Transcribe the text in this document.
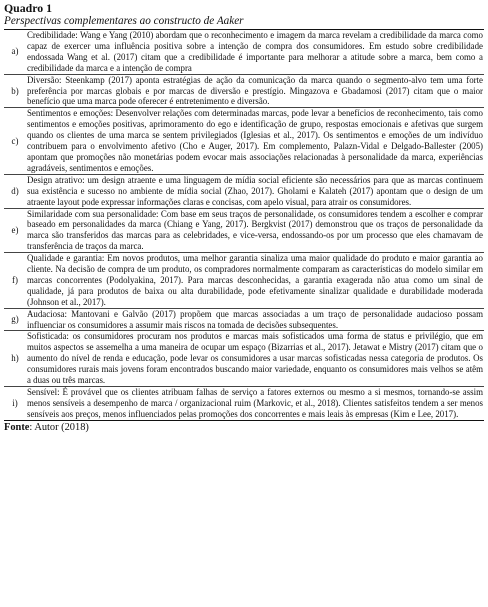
Quadro 1

Perspectivas complementares ao constructo de Aaker

a)	Credibilidade: Wang e Yang (2010) abordam que o reconhecimento e imagem da marca revelam a credibilidade da marca como capaz de exercer uma influência positiva sobre a intenção de compra dos consumidores. Em estudo sobre credibilidade endossada Wang et al. (2017) citam que a credibilidade é importante para melhorar a atitude sobre a marca, bem como a credibilidade da marca e a intenção de compra
b)	Diversão: Steenkamp (2017) aponta estratégias de ação da comunicação da marca quando o segmento-alvo tem uma forte preferência por marcas globais e por marcas de diversão e prestígio. Mingazova e Gbadamosi (2017) citam que o maior benefício que uma marca pode oferecer é entretenimento e diversão.
c)	Sentimentos e emoções: Desenvolver relações com determinadas marcas, pode levar a benefícios de reconhecimento, tais como sentimentos e emoções positivas, aprimoramento do ego e identificação de grupo, respostas emocionais e afetivas que surgem quando os clientes de uma marca se sentem privilegiados (Iglesias et al., 2017). Os sentimentos e emoções de um indivíduo contribuem para o envolvimento afetivo (Cho e Auger, 2017). Em complemento, Palazn-Vidal e Delgado-Ballester (2005) apontam que promoções não monetárias podem evocar mais associações relacionadas à personalidade da marca, experiências agradáveis, sentimentos e emoções.
d)	Design atrativo: um design atraente e uma linguagem de mídia social eficiente são necessários para que as marcas continuem sua existência e sucesso no ambiente de mídia social (Zhao, 2017). Gholami e Kalateh (2017) apontam que o design de um atraente layout pode expressar informações claras e concisas, com apelo visual, para atrair os consumidores.
e)	Similaridade com sua personalidade: Com base em seus traços de personalidade, os consumidores tendem a escolher e comprar baseado em personalidades da marca (Chiang e Yang, 2017). Bergkvist (2017) demonstrou que os traços de personalidade da marca são transferidos das marcas para as celebridades, e vice-versa, endossando-os por um processo que eles chamavam de transferência de traços da marca.
f)	Qualidade e garantia: Em novos produtos, uma melhor garantia sinaliza uma maior qualidade do produto e maior garantia ao cliente. Na decisão de compra de um produto, os compradores normalmente comparam as características do modelo similar em marcas concorrentes (Podolyakina, 2017). Para marcas desconhecidas, a garantia exagerada não atua como um sinal de qualidade, já para produtos de baixa ou alta durabilidade, pode efetivamente sinalizar qualidade e durabilidade moderada (Johnson et al., 2017).
g)	Audaciosa: Mantovani e Galvão (2017) propõem que marcas associadas a um traço de personalidade audacioso possam influenciar os consumidores a assumir mais riscos na tomada de decisões subsequentes.
h)	Sofisticada: os consumidores procuram nos produtos e marcas mais sofisticados uma forma de status e privilégio, que em muitos aspectos se assemelha a uma maneira de ocupar um espaço (Bizarrias et al., 2017). Jetawat e Mistry (2017) citam que o aumento do nível de renda e educação, pode levar os consumidores a usar marcas sofisticadas nessa categoria de produtos. Os consumidores rurais mais jovens foram encontrados buscando maior variedade, enquanto os consumidores mais velhos se atêm a duas ou três marcas.
i)	Sensível: É provável que os clientes atribuam falhas de serviço a fatores externos ou mesmo a si mesmos, tornando-se assim menos sensíveis a desempenho de marca / organizacional ruim (Markovic, et al., 2018). Clientes satisfeitos tendem a ser menos sensíveis aos preços, menos influenciados pelas promoções dos concorrentes e mais leais às empresas (Kim e Lee, 2017).
Fonte: Autor (2018)
